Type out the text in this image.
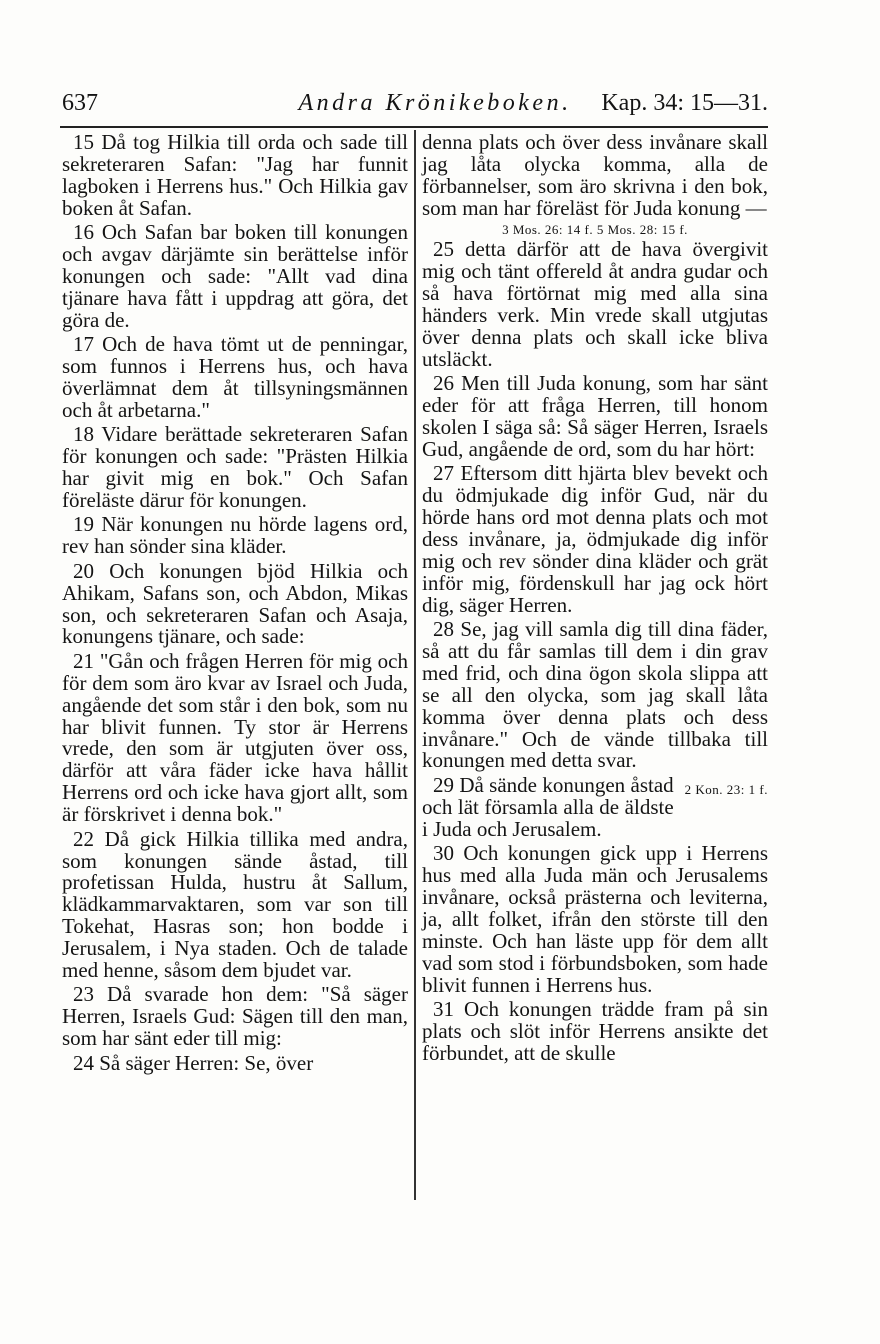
637	Andra Krönikeboken.	Kap. 34: 15—31.

15 Då tog Hilkia till orda och sade till sekreteraren Safan: "Jag har funnit lagboken i Herrens hus." Och Hilkia gav boken åt Safan.

16 Och Safan bar boken till konungen och avgav därjämte sin berättelse inför konungen och sade: "Allt vad dina tjänare hava fått i uppdrag att göra, det göra de.

17 Och de hava tömt ut de penningar, som funnos i Herrens hus, och hava överlämnat dem åt tillsyningsmännen och åt arbetarna."

18 Vidare berättade sekreteraren Safan för konungen och sade: "Prästen Hilkia har givit mig en bok." Och Safan föreläste därur för konungen.

19 När konungen nu hörde lagens ord, rev han sönder sina kläder.

20 Och konungen bjöd Hilkia och Ahikam, Safans son, och Abdon, Mikas son, och sekreteraren Safan och Asaja, konungens tjänare, och sade:

21 "Gån och frågen Herren för mig och för dem som äro kvar av Israel och Juda, angående det som står i den bok, som nu har blivit funnen. Ty stor är Herrens vrede, den som är utgjuten över oss, därför att våra fäder icke hava hållit Herrens ord och icke hava gjort allt, som är förskrivet i denna bok."

22 Då gick Hilkia tillika med andra, som konungen sände åstad, till profetissan Hulda, hustru åt Sallum, klädkammarvaktaren, som var son till Tokehat, Hasras son; hon bodde i Jerusalem, i Nya staden. Och de talade med henne, såsom dem bjudet var.

23 Då svarade hon dem: "Så säger Herren, Israels Gud: Sägen till den man, som har sänt eder till mig:

24 Så säger Herren: Se, över

denna plats och över dess invånare skall jag låta olycka komma, alla de förbannelser, som äro skrivna i den bok, som man har föreläst för Juda konung —

3 Mos. 26: 14 f. 5 Mos. 28: 15 f.

25 detta därför att de hava övergivit mig och tänt offereld åt andra gudar och så hava förtörnat mig med alla sina händers verk. Min vrede skall utgjutas över denna plats och skall icke bliva utsläckt.

26 Men till Juda konung, som har sänt eder för att fråga Herren, till honom skolen I säga så: Så säger Herren, Israels Gud, angående de ord, som du har hört:

27 Eftersom ditt hjärta blev bevekt och du ödmjukade dig inför Gud, när du hörde hans ord mot denna plats och mot dess invånare, ja, ödmjukade dig inför mig och rev sönder dina kläder och grät inför mig, fördenskull har jag ock hört dig, säger Herren.

28 Se, jag vill samla dig till dina fäder, så att du får samlas till dem i din grav med frid, och dina ögon skola slippa att se all den olycka, som jag skall låta komma över denna plats och dess invånare." Och de vände tillbaka till konungen med detta svar.

2 Kon. 23: 1 f.
29 Då sände konungen åstad och lät församla alla de äldste i Juda och Jerusalem.

30 Och konungen gick upp i Herrens hus med alla Juda män och Jerusalems invånare, också prästerna och leviterna, ja, allt folket, ifrån den störste till den minste. Och han läste upp för dem allt vad som stod i förbundsboken, som hade blivit funnen i Herrens hus.

31 Och konungen trädde fram på sin plats och slöt inför Herrens ansikte det förbundet, att de skulle
